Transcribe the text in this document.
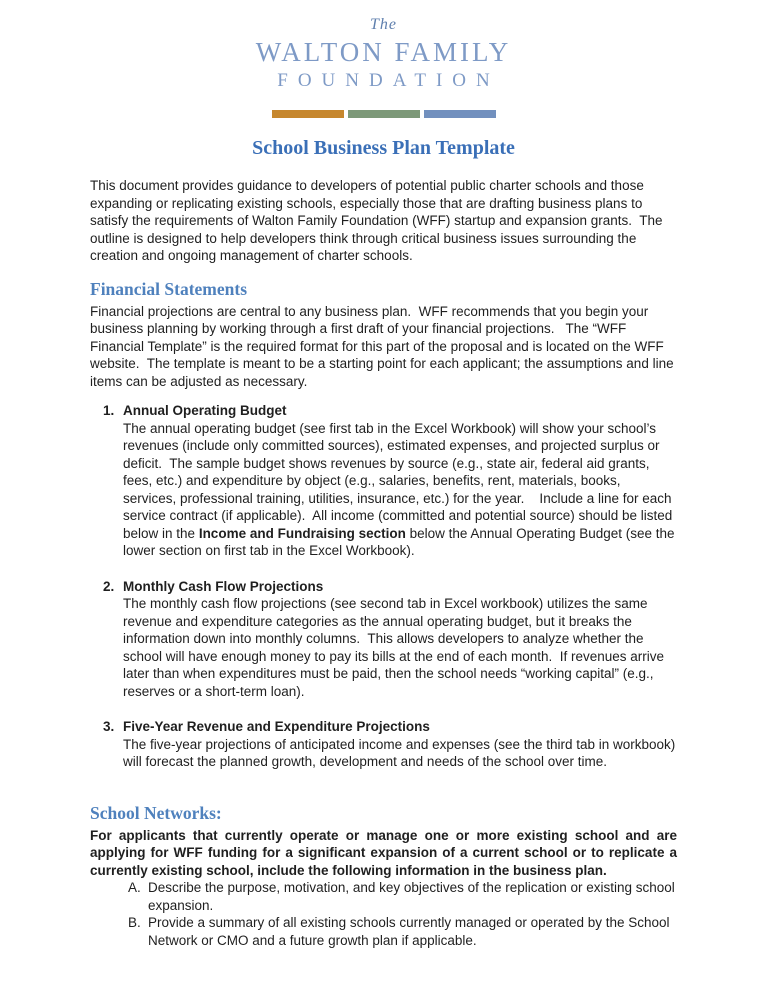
The
WALTON FAMILY
FOUNDATION
School Business Plan Template

This document provides guidance to developers of potential public charter schools and those expanding or replicating existing schools, especially those that are drafting business plans to satisfy the requirements of Walton Family Foundation (WFF) startup and expansion grants.  The outline is designed to help developers think through critical business issues surrounding the creation and ongoing management of charter schools.

Financial Statements

Financial projections are central to any business plan.  WFF recommends that you begin your business planning by working through a first draft of your financial projections.   The “WFF Financial Template” is the required format for this part of the proposal and is located on the WFF website.  The template is meant to be a starting point for each applicant; the assumptions and line items can be adjusted as necessary.

1. Annual Operating Budget
The annual operating budget (see first tab in the Excel Workbook) will show your school’s revenues (include only committed sources), estimated expenses, and projected surplus or deficit.  The sample budget shows revenues by source (e.g., state air, federal aid grants, fees, etc.) and expenditure by object (e.g., salaries, benefits, rent, materials, books, services, professional training, utilities, insurance, etc.) for the year.    Include a line for each service contract (if applicable).  All income (committed and potential source) should be listed below in the Income and Fundraising section below the Annual Operating Budget (see the lower section on first tab in the Excel Workbook).
2. Monthly Cash Flow Projections
The monthly cash flow projections (see second tab in Excel workbook) utilizes the same revenue and expenditure categories as the annual operating budget, but it breaks the information down into monthly columns.  This allows developers to analyze whether the school will have enough money to pay its bills at the end of each month.  If revenues arrive later than when expenditures must be paid, then the school needs “working capital” (e.g., reserves or a short-term loan).
3. Five-Year Revenue and Expenditure Projections
The five-year projections of anticipated income and expenses (see the third tab in workbook) will forecast the planned growth, development and needs of the school over time.
School Networks:

For applicants that currently operate or manage one or more existing school and are applying for WFF funding for a significant expansion of a current school or to replicate a currently existing school, include the following information in the business plan.

A. Describe the purpose, motivation, and key objectives of the replication or existing school expansion.
B. Provide a summary of all existing schools currently managed or operated by the School Network or CMO and a future growth plan if applicable.
